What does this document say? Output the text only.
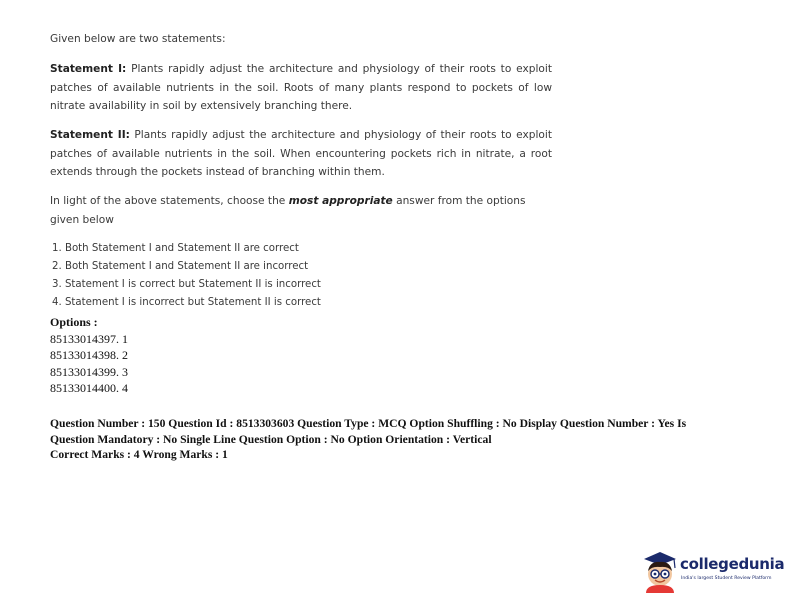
Given below are two statements:
Statement I: Plants rapidly adjust the architecture and physiology of their roots to exploit patches of available nutrients in the soil. Roots of many plants respond to pockets of low nitrate availability in soil by extensively branching there.
Statement II: Plants rapidly adjust the architecture and physiology of their roots to exploit patches of available nutrients in the soil. When encountering pockets rich in nitrate, a root extends through the pockets instead of branching within them.
In light of the above statements, choose the most appropriate answer from the options given below
1. Both Statement I and Statement II are correct
2. Both Statement I and Statement II are incorrect
3. Statement I is correct but Statement II is incorrect
4. Statement I is incorrect but Statement II is correct
Options :
85133014397. 1
85133014398. 2
85133014399. 3
85133014400. 4
Question Number : 150 Question Id : 8513303603 Question Type : MCQ Option Shuffling : No Display Question Number : Yes Is
Question Mandatory : No Single Line Question Option : No Option Orientation : Vertical
Correct Marks : 4 Wrong Marks : 1
collegedunia
India's largest Student Review Platform
